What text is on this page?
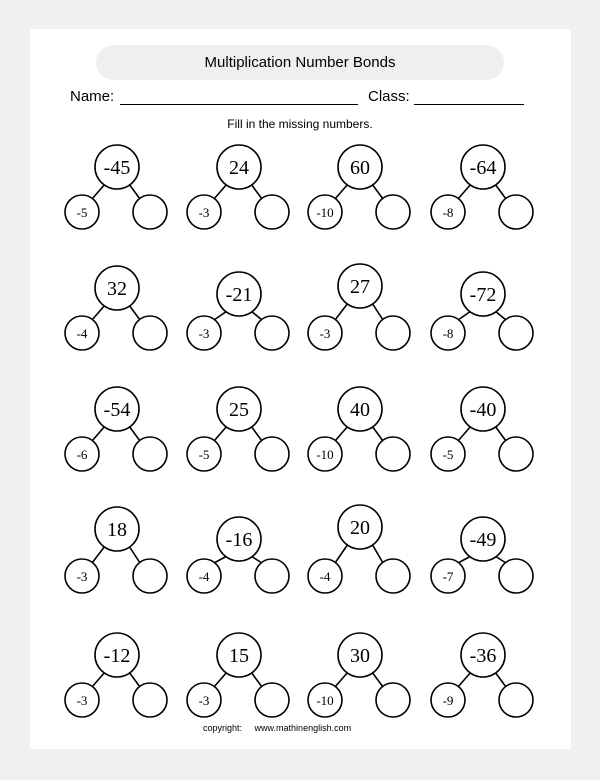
Multiplication Number Bonds
Name:	Class:
Fill in the missing numbers.
-45
-5
24
-3
60
-10
-64
-8
32
-4
-21
-3
27
-3
-72
-8
-54
-6
25
-5
40
-10
-40
-5
18
-3
-16
-4
20
-4
-49
-7
-12
-3
15
-3
30
-10
-36
-9
copyright: www.mathinenglish.com
